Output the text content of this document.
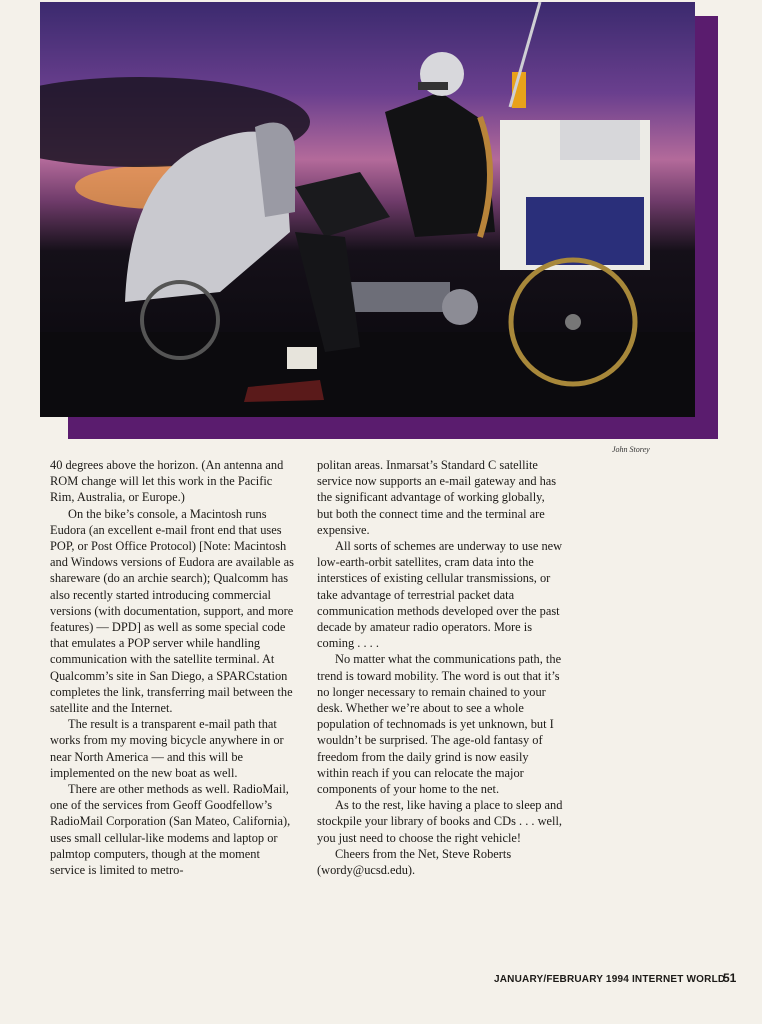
John Storey

40 degrees above the horizon. (An antenna and ROM change will let this work in the Pacific Rim, Australia, or Europe.)

On the bike’s console, a Macintosh runs Eudora (an excellent e-mail front end that uses POP, or Post Office Protocol) [Note: Macintosh and Windows versions of Eudora are available as shareware (do an archie search); Qualcomm has also recently started introducing commercial versions (with documentation, support, and more features) — DPD] as well as some special code that emulates a POP server while handling communication with the satellite terminal. At Qualcomm’s site in San Diego, a SPARCstation completes the link, transferring mail between the satellite and the Internet.

The result is a transparent e-mail path that works from my moving bicycle anywhere in or near North America — and this will be implemented on the new boat as well.

There are other methods as well. RadioMail, one of the services from Geoff Goodfellow’s RadioMail Corporation (San Mateo, California), uses small cellular-like modems and laptop or palmtop computers, though at the moment service is limited to metro-

politan areas. Inmarsat’s Standard C satellite service now supports an e-mail gateway and has the significant advantage of working globally, but both the connect time and the terminal are expensive.

All sorts of schemes are underway to use new low-earth-orbit satellites, cram data into the interstices of existing cellular transmissions, or take advantage of terrestrial packet data communication methods developed over the past decade by amateur radio operators. More is coming . . . .

No matter what the communications path, the trend is toward mobility. The word is out that it’s no longer necessary to remain chained to your desk. Whether we’re about to see a whole population of technomads is yet unknown, but I wouldn’t be surprised. The age-old fantasy of freedom from the daily grind is now easily within reach if you can relocate the major components of your home to the net.

As to the rest, like having a place to sleep and stockpile your library of books and CDs . . . well, you just need to choose the right vehicle!

Cheers from the Net, Steve Roberts (wordy@ucsd.edu).

JANUARY/FEBRUARY 1994 INTERNET WORLD
51
